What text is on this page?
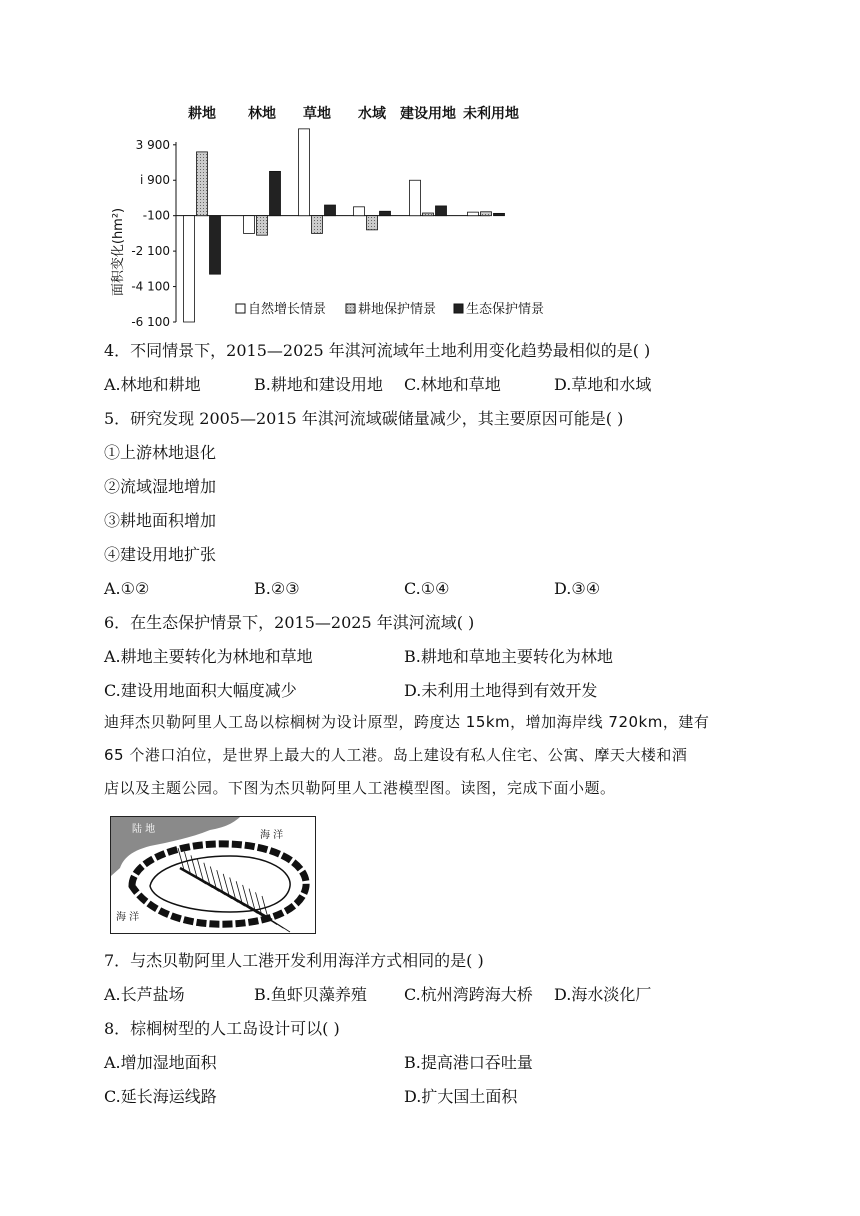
耕地 林地 草地 水域 建设用地 未利用地
3 900
i 900
-100
-2 100
-4 100
-6 100
面积变化(hm²)
自然增长情景 耕地保护情景 生态保护情景
4．不同情景下，2015—2025 年淇河流域年土地利用变化趋势最相似的是( )
A.林地和耕地	B.耕地和建设用地 C.林地和草地	D.草地和水域
5．研究发现 2005—2015 年淇河流域碳储量减少，其主要原因可能是( )
①上游林地退化
②流域湿地增加
③耕地面积增加
④建设用地扩张
A.①②	B.②③	C.①④	D.③④
6．在生态保护情景下，2015—2025 年淇河流域( )
A.耕地主要转化为林地和草地	B.耕地和草地主要转化为林地
C.建设用地面积大幅度减少	D.未利用土地得到有效开发
迪拜杰贝勒阿里人工岛以棕榈树为设计原型，跨度达 15km，增加海岸线 720km，建有
65 个港口泊位，是世界上最大的人工港。岛上建设有私人住宅、公寓、摩天大楼和酒
店以及主题公园。下图为杰贝勒阿里人工港模型图。读图，完成下面小题。
陆 地
海 洋
海 洋
7．与杰贝勒阿里人工港开发利用海洋方式相同的是( )
A.长芦盐场	B.鱼虾贝藻养殖 C.杭州湾跨海大桥 D.海水淡化厂
8．棕榈树型的人工岛设计可以( )
A.增加湿地面积	B.提高港口吞吐量
C.延长海运线路	D.扩大国土面积
